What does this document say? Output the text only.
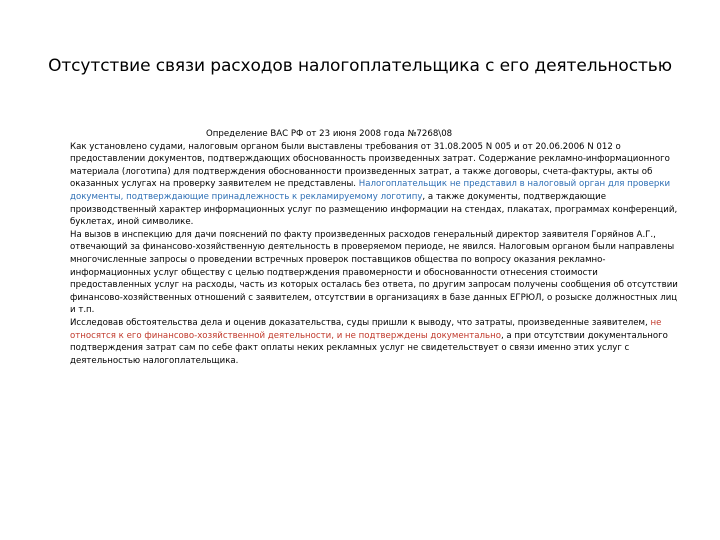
Отсутствие связи расходов налогоплательщика с его деятельностью

Определение ВАС РФ от 23 июня 2008 года №7268\08

Как установлено судами, налоговым органом были выставлены требования от 31.08.2005 N 005 и от 20.06.2006 N 012 о предоставлении документов, подтверждающих обоснованность произведенных затрат. Содержание рекламно-информационного материала (логотипа) для подтверждения обоснованности произведенных затрат, а также договоры, счета-фактуры, акты об оказанных услугах на проверку заявителем не представлены. Налогоплательщик не представил в налоговый орган для проверки документы, подтверждающие принадлежность к рекламируемому логотипу, а также документы, подтверждающие производственный характер информационных услуг по размещению информации на стендах, плакатах, программах конференций, буклетах, иной символике.

На вызов в инспекцию для дачи пояснений по факту произведенных расходов генеральный директор заявителя Горяйнов А.Г., отвечающий за финансово-хозяйственную деятельность в проверяемом периоде, не явился. Налоговым органом были направлены многочисленные запросы о проведении встречных проверок поставщиков общества по вопросу оказания рекламно-информационных услуг обществу с целью подтверждения правомерности и обоснованности отнесения стоимости предоставленных услуг на расходы, часть из которых осталась без ответа, по другим запросам получены сообщения об отсутствии финансово-хозяйственных отношений с заявителем, отсутствии в организациях в базе данных ЕГРЮЛ, о розыске должностных лиц и т.п.

Исследовав обстоятельства дела и оценив доказательства, суды пришли к выводу, что затраты, произведенные заявителем, не относятся к его финансово-хозяйственной деятельности, и не подтверждены документально, а при отсутствии документального подтверждения затрат сам по себе факт оплаты неких рекламных услуг не свидетельствует о связи именно этих услуг с деятельностью налогоплательщика.
